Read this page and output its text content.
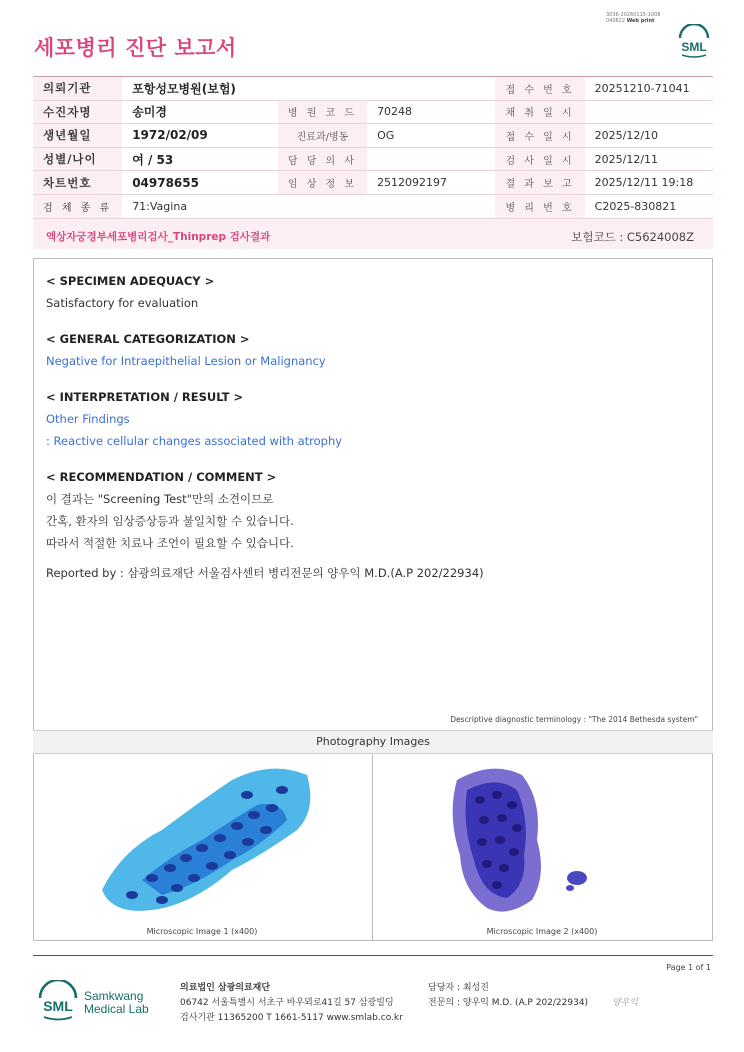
3036-20260115-1008
040822 Web print
세포병리 진단 보고서	SML
의뢰기관	포항성모병원(보험)			접 수 번 호	20251210-71041
수진자명	송미경	병 원 코 드	70248	채 취 일 시	
생년월일	1972/02/09	진료과/병동	OG	접 수 일 시	2025/12/10
성별/나이	여 / 53	담 당 의 사		검 사 일 시	2025/12/11
차트번호	04978655	임 상 정 보	2512092197	결 과 보 고	2025/12/11 19:18
검 체 종 류	71:Vagina			병 리 번 호	C2025-830821
액상자궁경부세포병리검사_Thinprep 검사결과	보험코드 : C5624008Z
< SPECIMEN ADEQUACY >
Satisfactory for evaluation
< GENERAL CATEGORIZATION >
Negative for Intraepithelial Lesion or Malignancy
< INTERPRETATION / RESULT >
Other Findings
: Reactive cellular changes associated with atrophy
< RECOMMENDATION / COMMENT >
이 결과는 "Screening Test"만의 소견이므로
간혹, 환자의 임상증상등과 불일치할 수 있습니다.
따라서 적절한 치료나 조언이 필요할 수 있습니다.
Reported by : 삼광의료재단 서울검사센터 병리전문의 양우익 M.D.(A.P 202/22934)
Descriptive diagnostic terminology : "The 2014 Bethesda system"
Photography Images
Microscopic Image 1 (x400)	Microscopic Image 2 (x400)
Page 1 of 1
SML
Samkwang
Medical Lab
의료법인 삼광의료재단
06742 서울특별시 서초구 바우뫼로41길 57 삼광빌딩
검사기관 11365200 T 1661-5117 www.smlab.co.kr
담당자 : 최성진
전문의 : 양우익 M.D. (A.P 202/22934)	양우익
